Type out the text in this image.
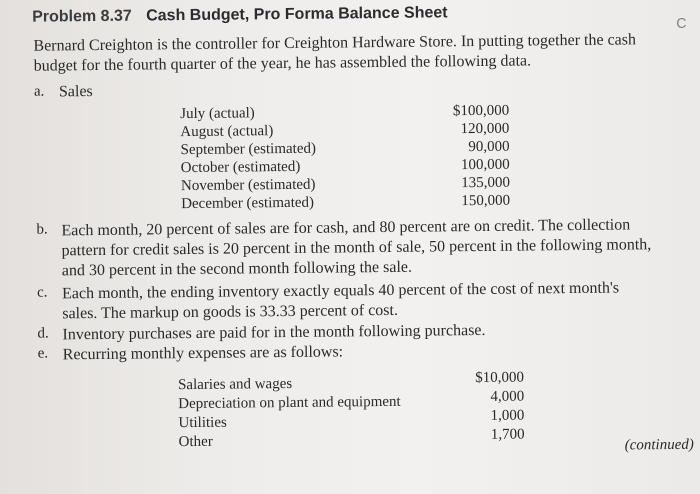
Problem 8.37 Cash Budget, Pro Forma Balance Sheet	C
Bernard Creighton is the controller for Creighton Hardware Store. In putting together the cash
budget for the fourth quarter of the year, he has assembled the following data.
a. Sales
July (actual)
August (actual)
September (estimated)
October (estimated)
November (estimated)
December (estimated)
$100,000
120,000
90,000
100,000
135,000
150,000
b. Each month, 20 percent of sales are for cash, and 80 percent are on credit. The collection
pattern for credit sales is 20 percent in the month of sale, 50 percent in the following month,
and 30 percent in the second month following the sale.
c. Each month, the ending inventory exactly equals 40 percent of the cost of next month's
sales. The markup on goods is 33.33 percent of cost.
d. Inventory purchases are paid for in the month following purchase.
e. Recurring monthly expenses are as follows:
Salaries and wages
Depreciation on plant and equipment
Utilities
Other
$10,000
4,000
1,000
1,700
(continued)
